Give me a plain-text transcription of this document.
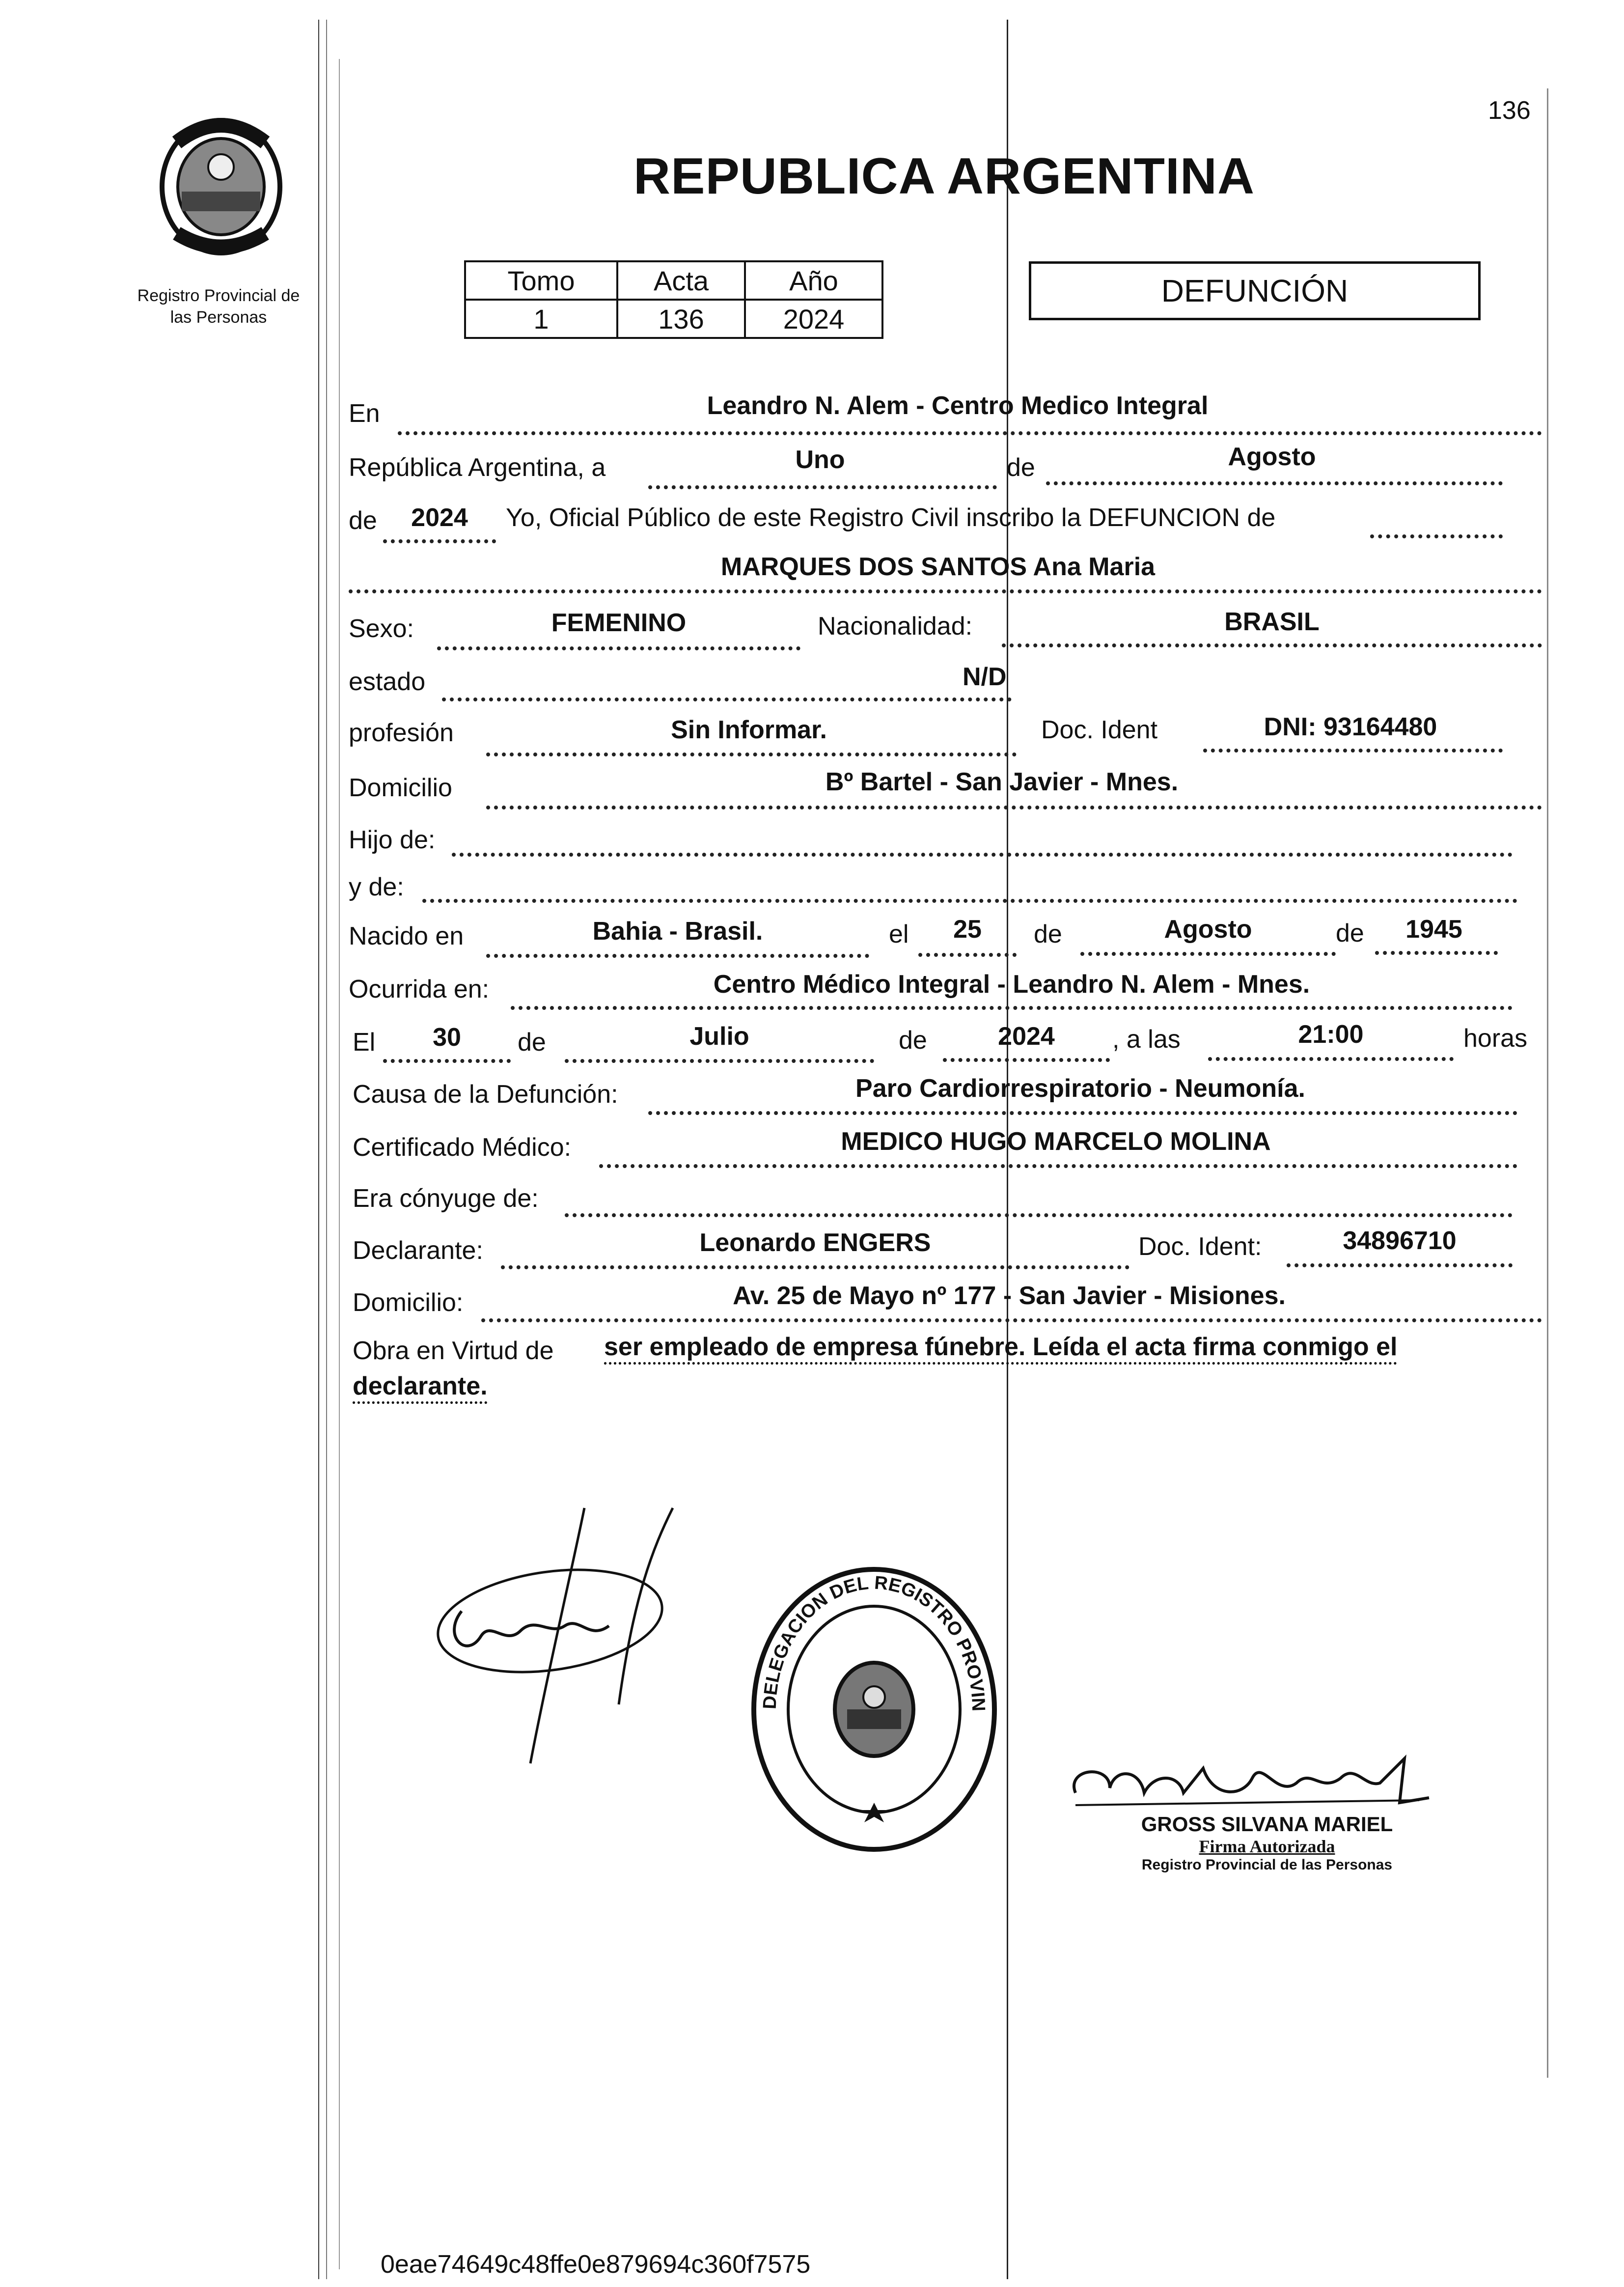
136
Registro Provincial de
las Personas
REPUBLICA ARGENTINA
Tomo	Acta	Año
1	136	2024
DEFUNCIÓN
En	Leandro N. Alem - Centro Medico Integral
República Argentina, a	Uno	de	Agosto
de	2024	Yo, Oficial Público de este Registro Civil inscribo la DEFUNCION de
MARQUES DOS SANTOS Ana Maria
Sexo:	FEMENINO	Nacionalidad:	BRASIL
estado	N/D
profesión	Sin Informar.	Doc. Ident	DNI: 93164480
Domicilio	Bº Bartel - San Javier - Mnes.
Hijo de:
y de:
Nacido en	Bahia - Brasil.	el	25	de	Agosto	de	1945
Ocurrida en:	Centro Médico Integral - Leandro N. Alem - Mnes.
El	30	de	Julio	de	2024	, a las	21:00	horas
Causa de la Defunción:	Paro Cardiorrespiratorio - Neumonía.
Certificado Médico:	MEDICO HUGO MARCELO MOLINA
Era cónyuge de:
Declarante:	Leonardo ENGERS	Doc. Ident:	34896710
Domicilio:	Av. 25 de Mayo nº 177 - San Javier - Misiones.
Obra en Virtud de ser empleado de empresa fúnebre. Leída el acta firma conmigo el
declarante.
DELEGACION DEL REGISTRO PROVIN
GROSS SILVANA MARIEL
Firma Autorizada
Registro Provincial de las Personas
0eae74649c48ffe0e879694c360f7575
